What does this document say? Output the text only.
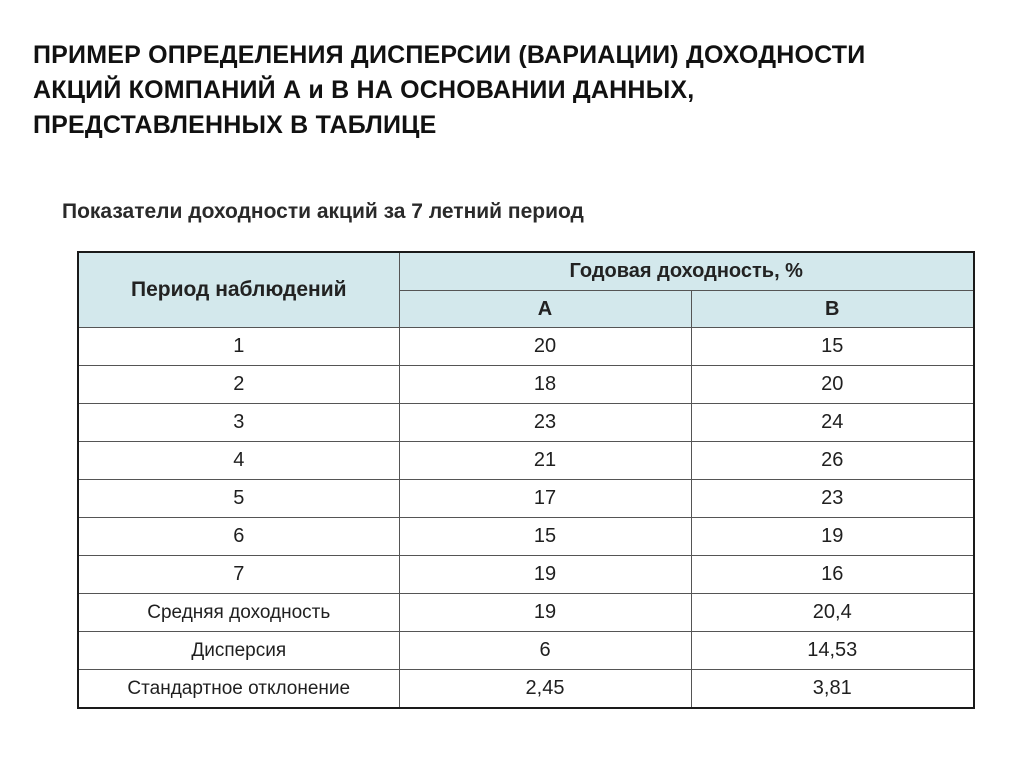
ПРИМЕР ОПРЕДЕЛЕНИЯ ДИСПЕРСИИ (ВАРИАЦИИ) ДОХОДНОСТИ
АКЦИЙ КОМПАНИЙ А и В НА ОСНОВАНИИ ДАННЫХ,
ПРЕДСТАВЛЕННЫХ В ТАБЛИЦЕ
Показатели доходности акций за 7 летний период
Период наблюдений	Годовая доходность, %	
	А	В
1	20	15
2	18	20
3	23	24
4	21	26
5	17	23
6	15	19
7	19	16
Средняя доходность	19	20,4
Дисперсия	6	14,53
Стандартное отклонение	2,45	3,81
